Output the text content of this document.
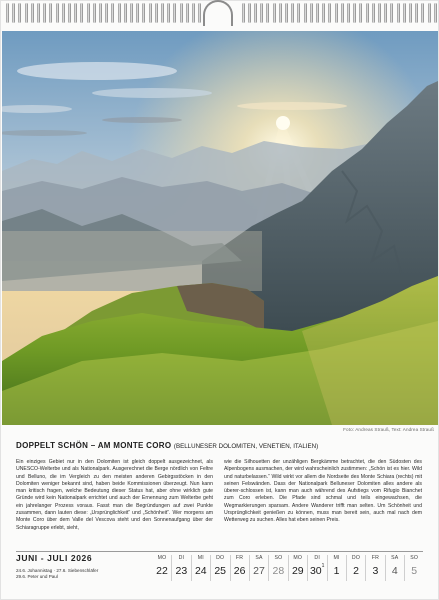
Foto: Andreas Strauß, Text: Andrea Strauß
DOPPELT SCHÖN – AM MONTE CORO (BELLUNESER DOLOMITEN, VENETIEN, ITALIEN)

Ein einziges Gebiet nur in den Dolomiten ist gleich doppelt ausgezeichnet, als UNESCO-Welterbe und als Nationalpark. Ausgerechnet die Berge nördlich von Feltre und Belluno, die im Vergleich zu den meisten anderen Gebirgsstöcken in den Dolomiten weniger bekannt sind, haben beide Kommissionen überzeugt. Nun kann man kritisch fragen, welche Bedeutung dieser Status hat, aber ohne wirklich gute Gründe wird kein Nationalpark errichtet und auch der Ernennung zum Welterbe geht ein jahrelanger Prozess voraus. Fasst man die Begründungen auf zwei Punkte zusammen, dann lauten diese: „Ursprünglichkeit“ und „Schönheit“. Wer morgens am Monte Coro über dem Valle del Vescova steht und den Sonnenaufgang über der Schiaragruppe erlebt, sieht,

wie die Silhouetten der unzähligen Bergkämme betrachtet, die den Südosten des Alpenbogens ausmachen, der wird wahrscheinlich zustimmen: „Schön ist es hier. Wild und naturbelassen.“ Wild wirkt vor allem die Nordseite des Monte Schiara (rechts) mit seinen Felswänden. Dass der Nationalpark Belluneser Dolomiten alles andere als überer-schlossen ist, kann man auch während des Aufstiegs vom Rifugio Bianchet zum Coro erleben. Die Pfade sind schmal und teils eingewachsen, die Wegmarkierungen sparsam. Andere Wanderer trifft man selten. Um Schönheit und Ursprünglichkeit genießen zu können, muss man bereit sein, auch mal nach dem Wetterweg zu suchen. Alles hat eben seinen Preis.

JUNI - JULI 2026
24.6. Johannistag · 27.6. Siebenschläfer
29.6. Peter und Paul
MO
22
DI
23
MI
24
DO
25
FR
26
SA
27
SO
28
MO
29
DI
$30^1$
MI
1
DO
2
FR
3
SA
4
SO
5
